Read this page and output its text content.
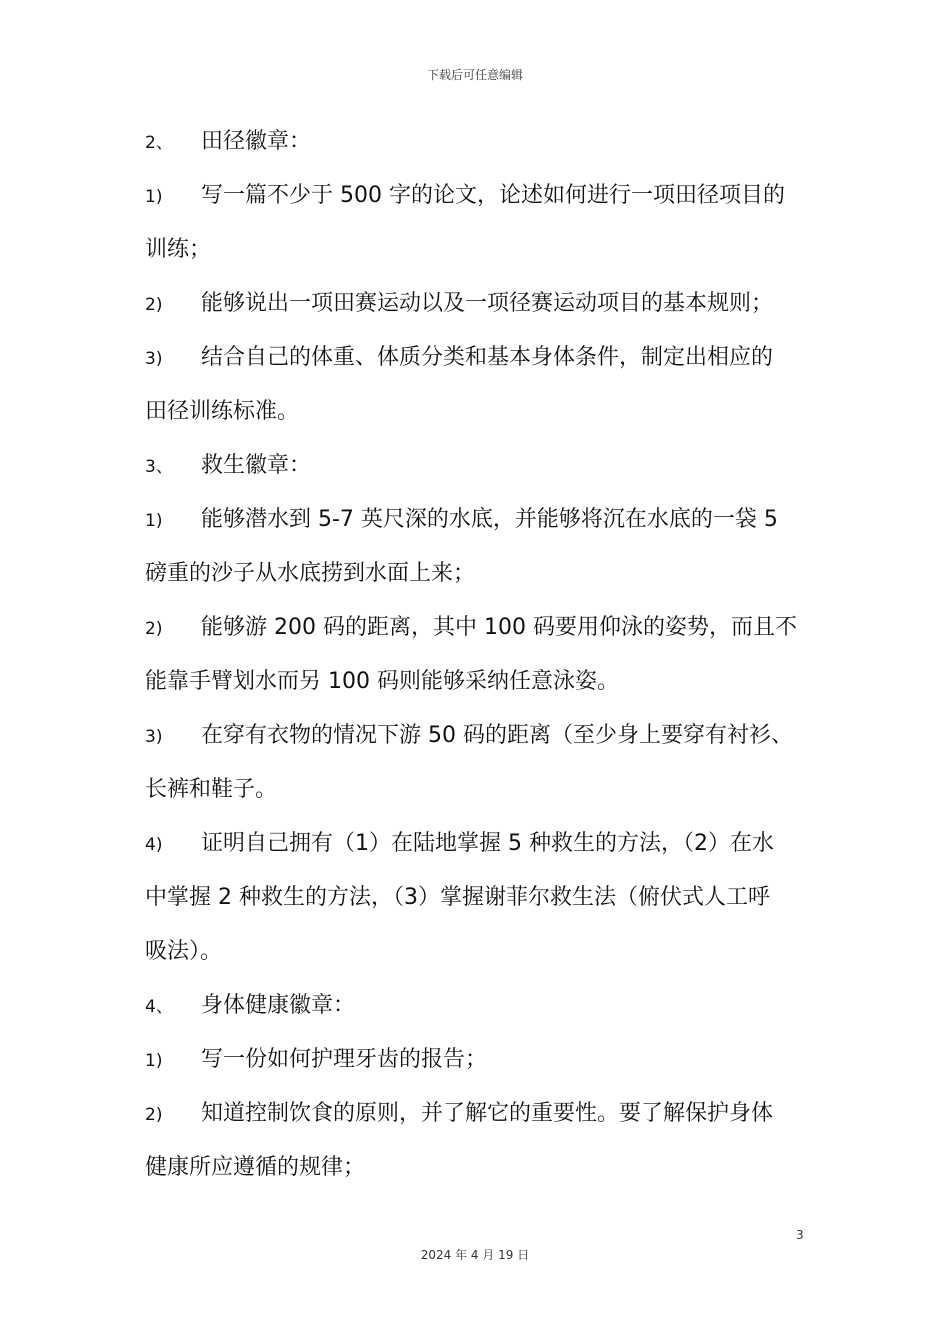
下载后可任意编辑
2、 田径徽章：
1) 写一篇不少于 500 字的论文，论述如何进行一项田径项目的
训练；
2) 能够说出一项田赛运动以及一项径赛运动项目的基本规则；
3) 结合自己的体重、体质分类和基本身体条件，制定出相应的
田径训练标准。
3、 救生徽章：
1) 能够潜水到 5-7 英尺深的水底，并能够将沉在水底的一袋 5
磅重的沙子从水底捞到水面上来；
2) 能够游 200 码的距离，其中 100 码要用仰泳的姿势，而且不
能靠手臂划水而另 100 码则能够采纳任意泳姿。
3) 在穿有衣物的情况下游 50 码的距离（至少身上要穿有衬衫、
长裤和鞋子。
4) 证明自己拥有（1）在陆地掌握 5 种救生的方法，（2）在水
中掌握 2 种救生的方法，（3）掌握谢菲尔救生法（俯伏式人工呼
吸法）。
4、 身体健康徽章：
1) 写一份如何护理牙齿的报告；
2) 知道控制饮食的原则，并了解它的重要性。要了解保护身体
健康所应遵循的规律；
3
2024 年 4 月 19 日
